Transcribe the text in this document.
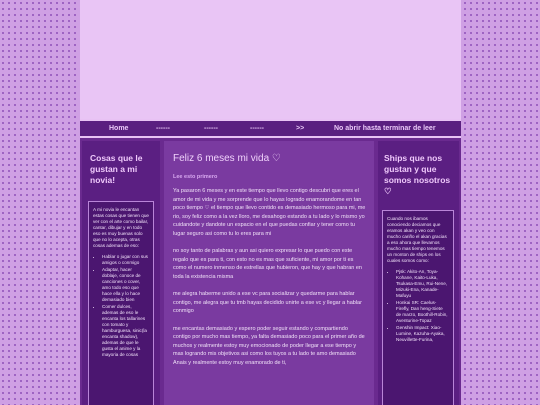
Home	------	------	------	>>	No abrir hasta terminar de leer
Cosas que le gustan a mi novia!

A mi novia le encantan estas cosas que tienen que ver con el arte como bailar, cantar, dibujar y en todo eso es muy buenas solo que no lo acepta, otras cosas ademas de eso:

• Hablar o jugar con sus amigos o conmigo
• Adaptar, hacer doblaje, conoce de canciones o cover, amo todo eso que hace ella y lo hace demasiado bien
• Comer dulces, ademas de eso le encanta los tallarines con tomato y hamburguesa, sinic(la encanta shadow), ademas de que le gusta el anime y la mayoria de cosas
Feliz 6 meses mi vida ♡
Lee esto primero

Ya pasaron 6 meses y en este tiempo que llevo contigo descubri que eres el amor de mi vida y me sorprende que lo hayas logrado enamorandome en tan poco tiempo ♡ el tiempo que llevo contido es demasiado hermoso para mi, me rio, soy feliz como a la vez lloro, me desahogo estando a tu lado y lo mismo yo cuidandote y dandote un espacio en el que puedas confiar y tener como tu lugar seguro asi como tu lo eres para mi

no soy tanto de palabras y aun asi quiero expresar lo que puedo con este regalo que es para ti, con esto no es mas que suficiente, mi amor por ti es como el numero inmenso de estrellas que hubieron, que hay y que habran en toda la existencia misma

me alegra haberme unido a ese vc para socializar y quedarme para hablar contigo, me alegra que tu tmb hayas decidido unirte a ese vc y llegar a hablar conmigo

me encantas demasiado y espero poder seguir estando y compartiendo contigo por mucho mas tiempo, ya falta demasiado poco para el primer año de muchos y realmente estoy muy emocionado de poder llegar a ese tiempo y mas logrando mis objetivos asi como los tuyos a tu lado te amo demasiado Anais y realmente estoy muy enamorado de ti,

Ships que nos gustan y que somos nosotros ♡

Cuando nos ibamos conociendo deciamos que eramos akan y veo con mucho cariño el akan gracias a eso ahora que llevamos mucho mas tiempo tenemos un monton de ships en los cuales somos como:

• Pjsk: Akito-An, Toya-Kohane, Kaito-Luka, Tsukasa-Emu, Rui-Nene, Mizuki-Ena, Kanade-Mafuyu
• Honkai SR: Caelus-Firefly, Dan heng-Siete de marzo, Boothill-Robin, Aventurine-Topaz
• Genshin Impact: Xiao-Lumine, Kazuha-Ayaka, Neuvillette-Furina,
